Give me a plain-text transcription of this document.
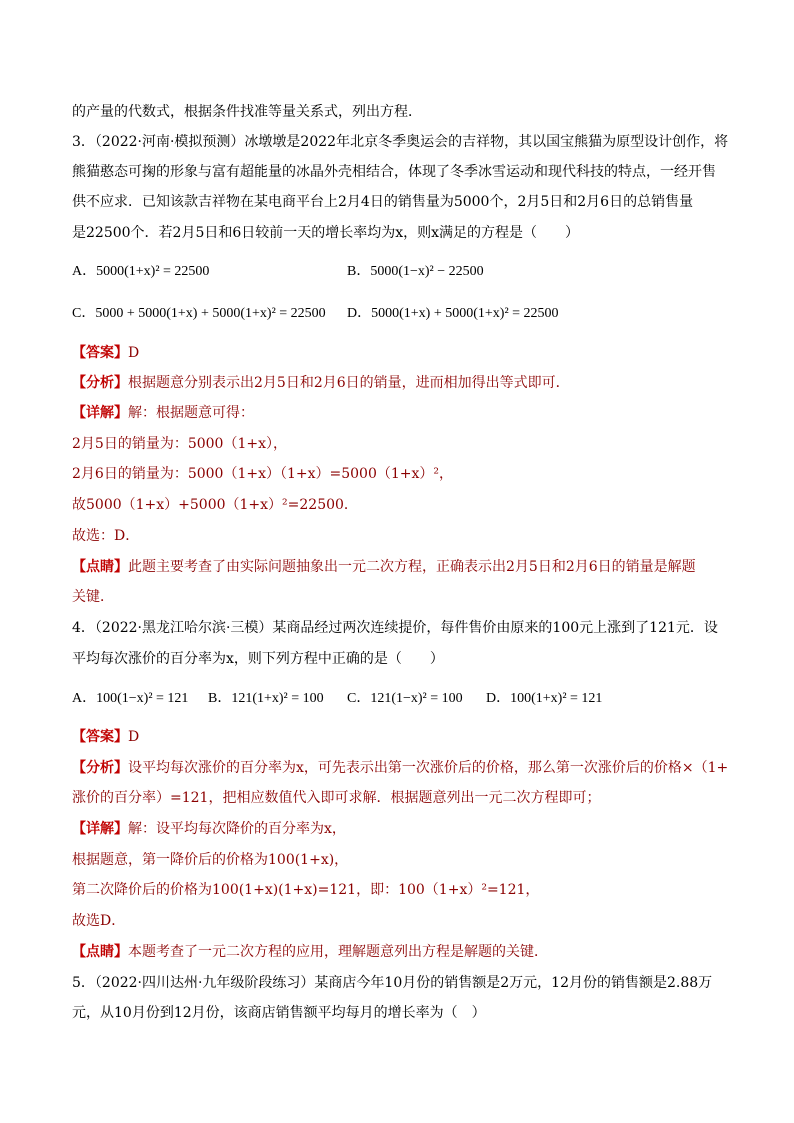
的产量的代数式，根据条件找准等量关系式，列出方程．
3．（2022·河南·模拟预测）冰墩墩是2022年北京冬季奥运会的吉祥物，其以国宝熊猫为原型设计创作，将
熊猫憨态可掬的形象与富有超能量的冰晶外壳相结合，体现了冬季冰雪运动和现代科技的特点，一经开售
供不应求．已知该款吉祥物在某电商平台上2月4日的销售量为5000个，2月5日和2月6日的总销售量
是22500个．若2月5日和6日较前一天的增长率均为x，则x满足的方程是（　　）
A．5000(1+x)² = 22500	B．5000(1−x)² − 22500
C．5000 + 5000(1+x) + 5000(1+x)² = 22500 D．5000(1+x) + 5000(1+x)² = 22500
【答案】D
【分析】根据题意分别表示出2月5日和2月6日的销量，进而相加得出等式即可．
【详解】解：根据题意可得：
2月5日的销量为：5000（1+x），
2月6日的销量为：5000（1+x）（1+x）=5000（1+x）²，
故5000（1+x）+5000（1+x）²=22500．
故选：D．
【点睛】此题主要考查了由实际问题抽象出一元二次方程，正确表示出2月5日和2月6日的销量是解题
关键．
4．（2022·黑龙江哈尔滨·三模）某商品经过两次连续提价，每件售价由原来的100元上涨到了121元．设
平均每次涨价的百分率为x，则下列方程中正确的是（　　）
A．100(1−x)² = 121 B．121(1+x)² = 100 C．121(1−x)² = 100 D．100(1+x)² = 121
【答案】D
【分析】设平均每次涨价的百分率为x，可先表示出第一次涨价后的价格，那么第一次涨价后的价格×（1+
涨价的百分率）=121，把相应数值代入即可求解．根据题意列出一元二次方程即可；
【详解】解：设平均每次降价的百分率为x，
根据题意，第一降价后的价格为100(1+x)，
第二次降价后的价格为100(1+x)(1+x)=121，即：100（1+x）²=121，
故选D．
【点睛】本题考查了一元二次方程的应用，理解题意列出方程是解题的关键．
5．（2022·四川达州·九年级阶段练习）某商店今年10月份的销售额是2万元，12月份的销售额是2.88万
元，从10月份到12月份，该商店销售额平均每月的增长率为（　）
